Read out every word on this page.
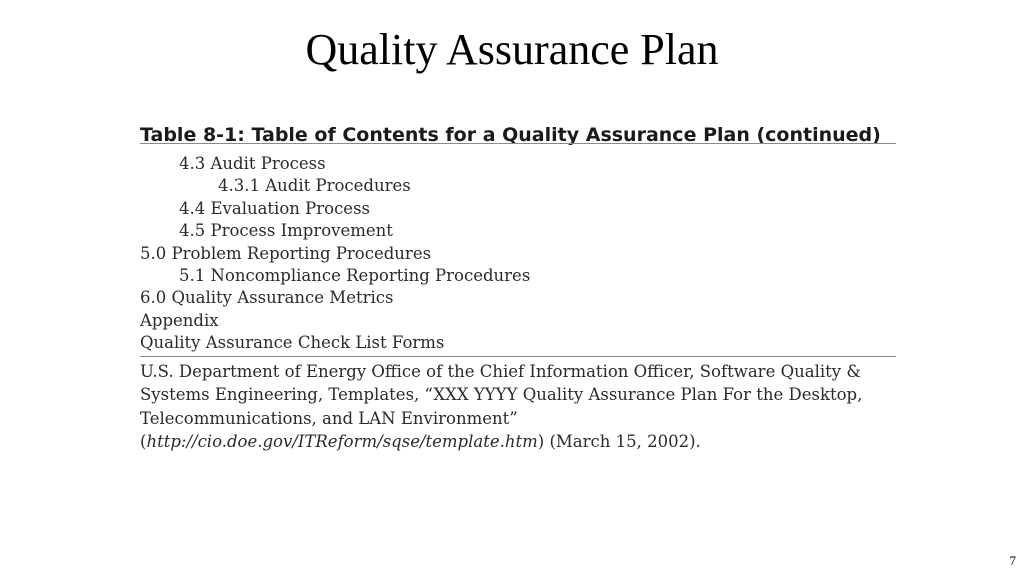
Quality Assurance Plan
Table 8-1: Table of Contents for a Quality Assurance Plan (continued)
4.3 Audit Process
4.3.1 Audit Procedures
4.4 Evaluation Process
4.5 Process Improvement
5.0 Problem Reporting Procedures
5.1 Noncompliance Reporting Procedures
6.0 Quality Assurance Metrics
Appendix
Quality Assurance Check List Forms

U.S. Department of Energy Office of the Chief Information Officer, Software Quality & Systems Engineering, Templates, “XXX YYYY Quality Assurance Plan For the Desktop, Telecommunications, and LAN Environment” (http://cio.doe.gov/ITReform/sqse/template.htm) (March 15, 2002).

7
